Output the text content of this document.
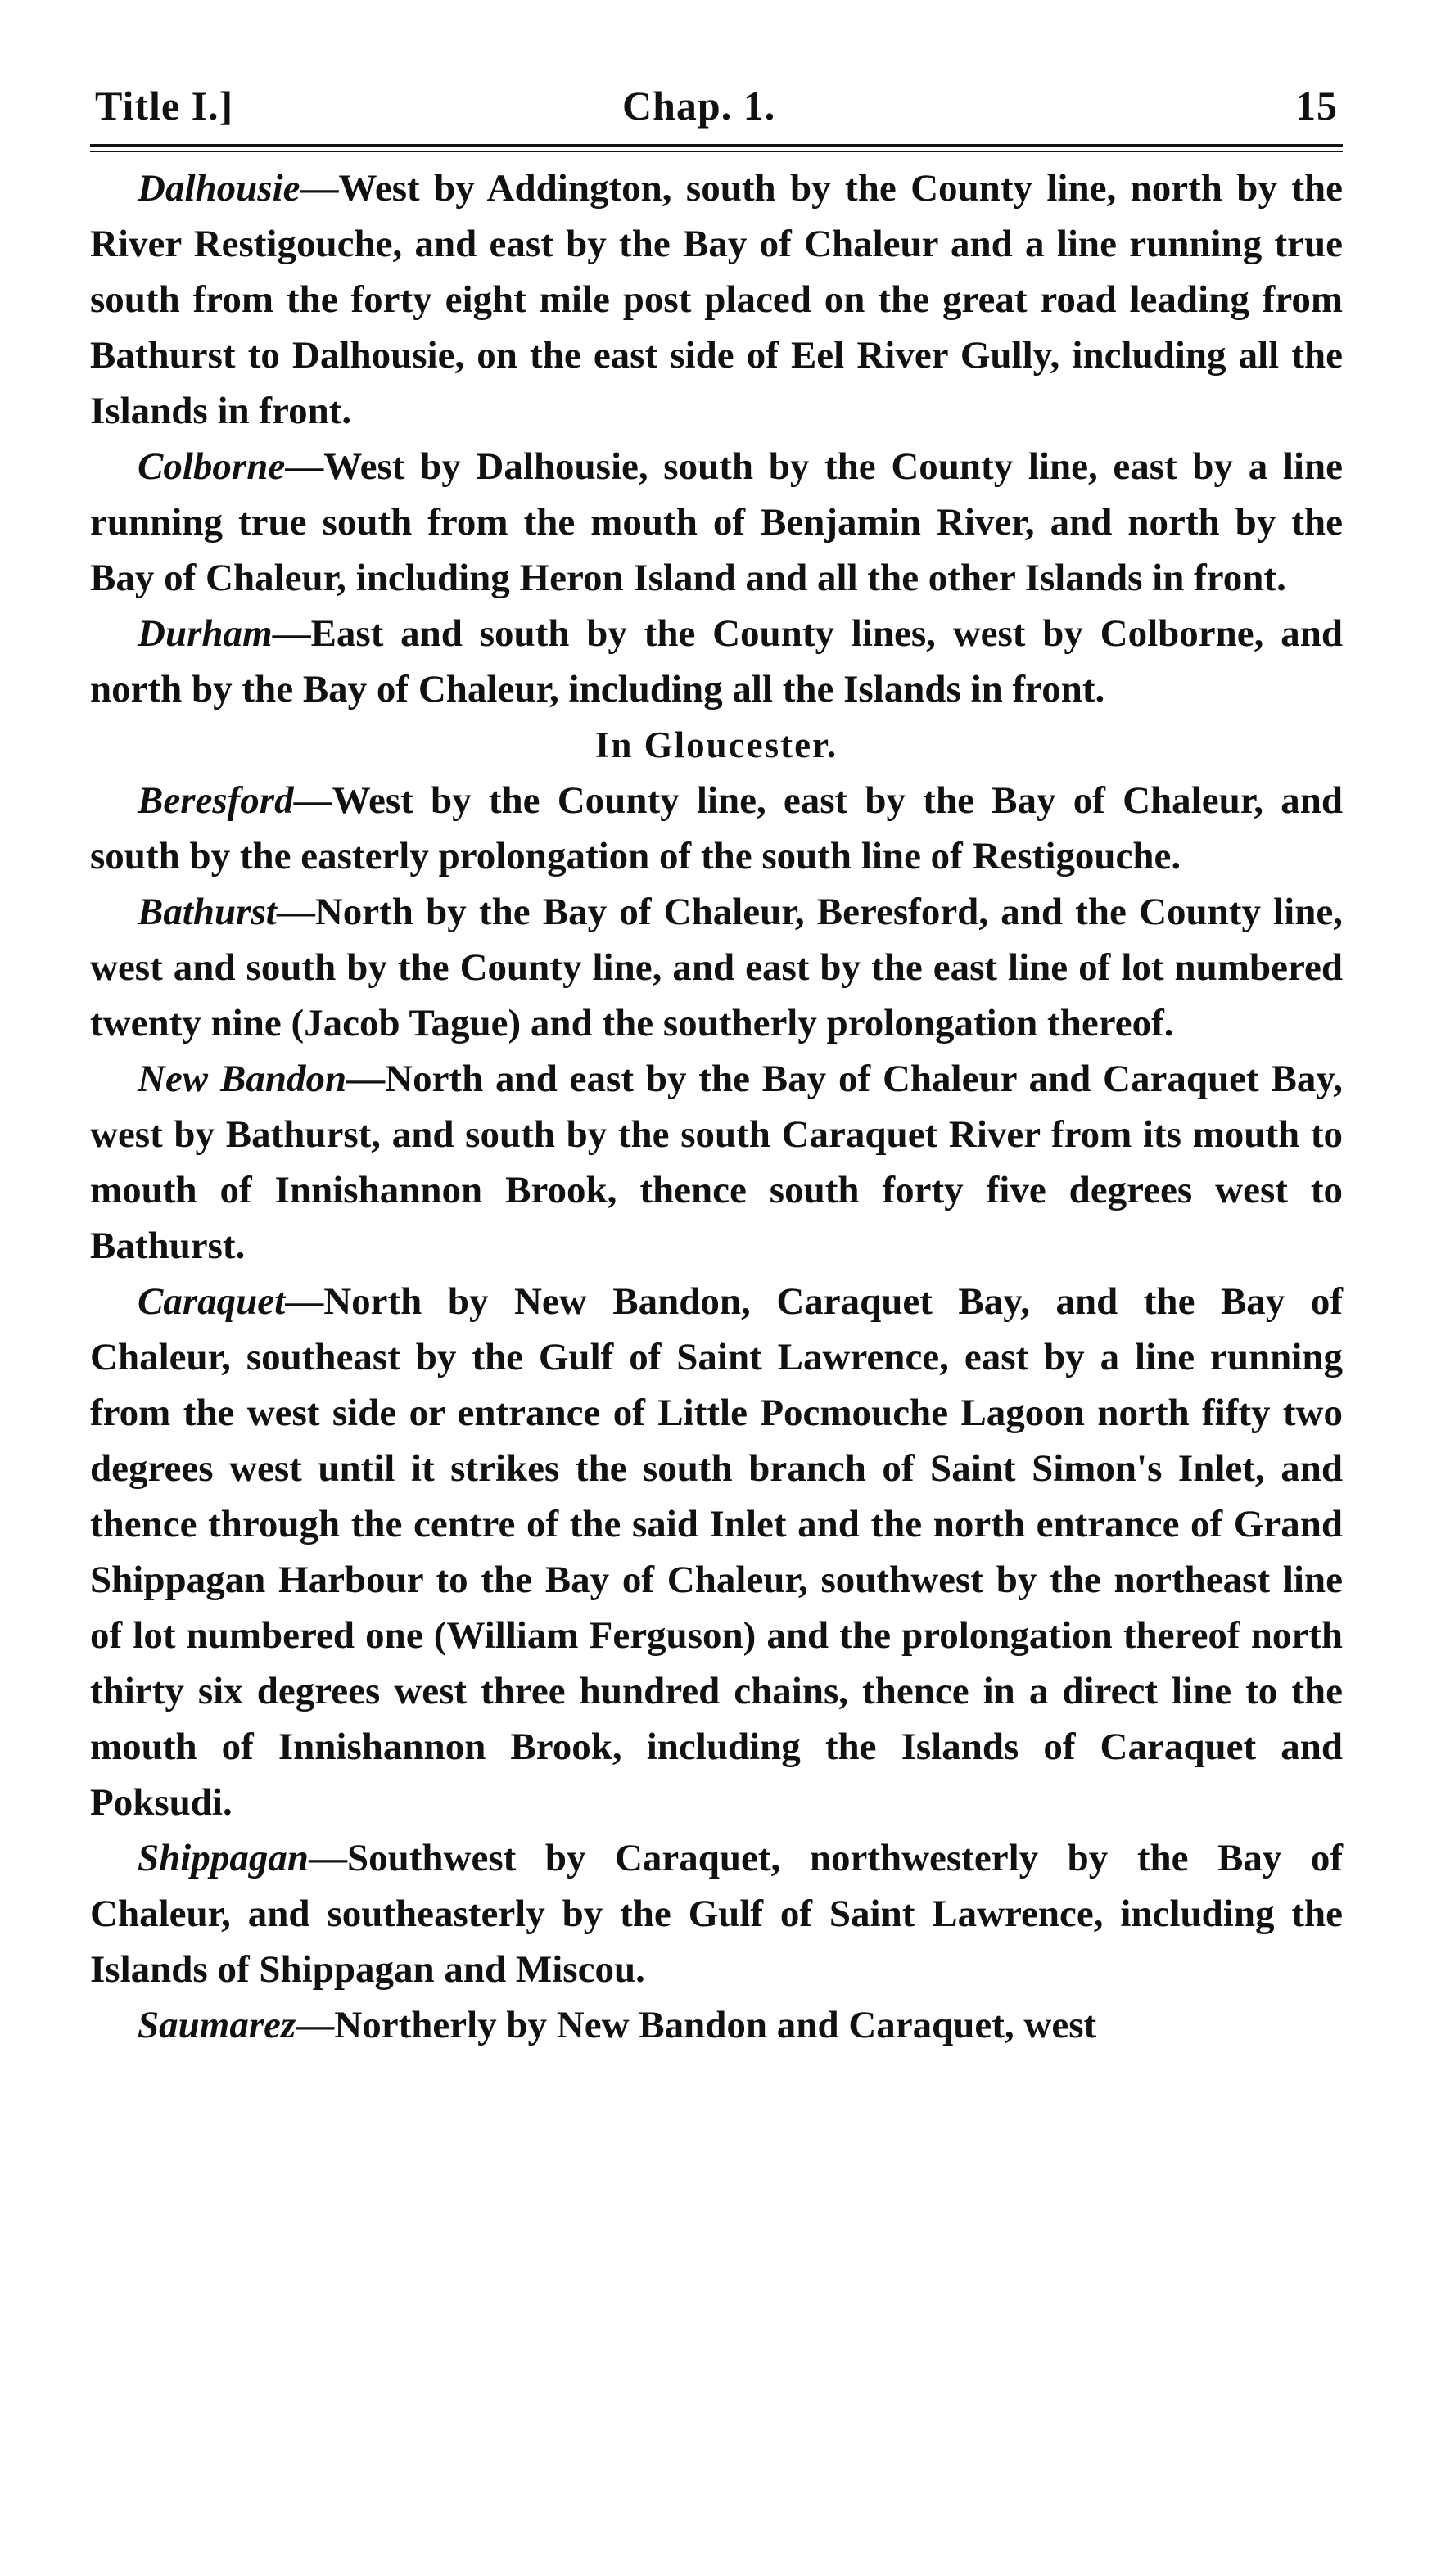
Title I.]	Chap. 1.	15

Dalhousie—West by Addington, south by the County line, north by the River Restigouche, and east by the Bay of Chaleur and a line running true south from the forty eight mile post placed on the great road leading from Bathurst to Dalhousie, on the east side of Eel River Gully, including all the Islands in front.

Colborne—West by Dalhousie, south by the County line, east by a line running true south from the mouth of Benjamin River, and north by the Bay of Chaleur, including Heron Island and all the other Islands in front.

Durham—East and south by the County lines, west by Colborne, and north by the Bay of Chaleur, including all the Islands in front.

In Gloucester.

Beresford—West by the County line, east by the Bay of Chaleur, and south by the easterly prolongation of the south line of Restigouche.

Bathurst—North by the Bay of Chaleur, Beresford, and the County line, west and south by the County line, and east by the east line of lot numbered twenty nine (Jacob Tague) and the southerly prolongation thereof.

New Bandon—North and east by the Bay of Chaleur and Caraquet Bay, west by Bathurst, and south by the south Caraquet River from its mouth to mouth of Innishannon Brook, thence south forty five degrees west to Bathurst.

Caraquet—North by New Bandon, Caraquet Bay, and the Bay of Chaleur, southeast by the Gulf of Saint Lawrence, east by a line running from the west side or entrance of Little Pocmouche Lagoon north fifty two degrees west until it strikes the south branch of Saint Simon's Inlet, and thence through the centre of the said Inlet and the north entrance of Grand Shippagan Harbour to the Bay of Chaleur, southwest by the northeast line of lot numbered one (William Ferguson) and the prolongation thereof north thirty six degrees west three hundred chains, thence in a direct line to the mouth of Innishannon Brook, including the Islands of Caraquet and Poksudi.

Shippagan—Southwest by Caraquet, northwesterly by the Bay of Chaleur, and southeasterly by the Gulf of Saint Lawrence, including the Islands of Shippagan and Miscou.

Saumarez—Northerly by New Bandon and Caraquet, west
